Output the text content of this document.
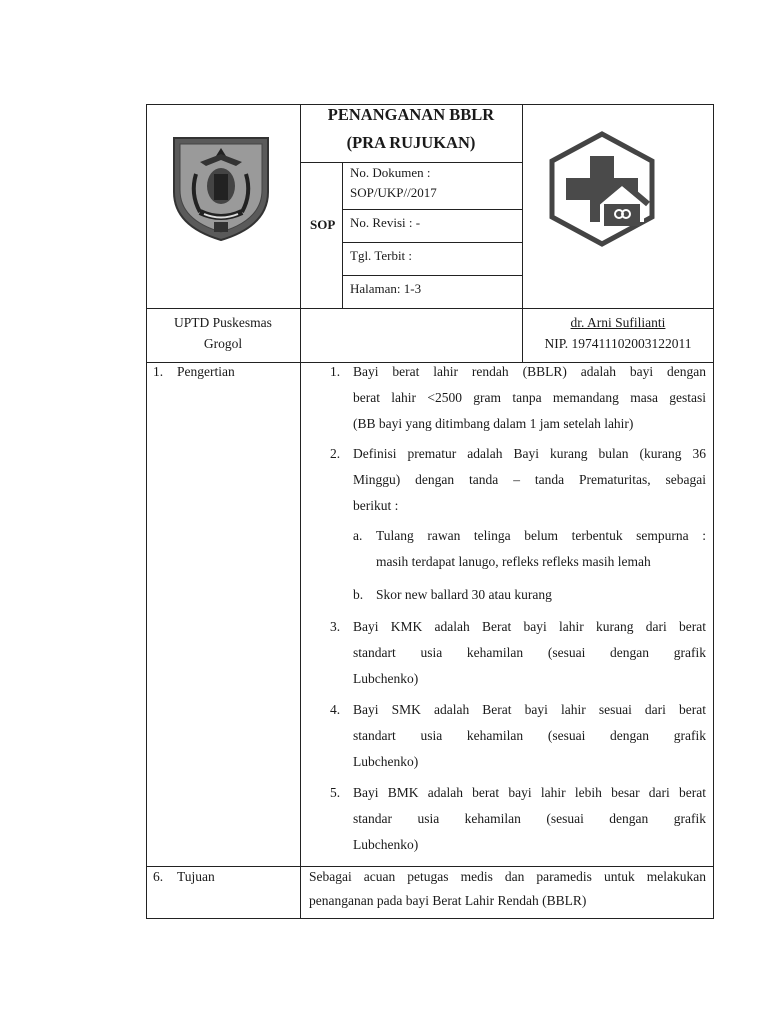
PENANGANAN BBLR
(PRA RUJUKAN)
SOP
No. Dokumen :
SOP/UKP//2017
No. Revisi : -
Tgl. Terbit :
Halaman: 1-3
UPTD Puskesmas
Grogol
dr. Arni Sufilianti
NIP. 197411102003122011
1. Pengertian	1. Bayi berat lahir rendah (BBLR) adalah bayi dengan
berat lahir <2500 gram tanpa memandang masa gestasi
(BB bayi yang ditimbang dalam 1 jam setelah lahir)
2. Definisi prematur adalah Bayi kurang bulan (kurang 36
Minggu) dengan tanda – tanda Prematuritas, sebagai
berikut :
3. Bayi KMK adalah Berat bayi lahir kurang dari berat
standart usia kehamilan (sesuai dengan grafik
Lubchenko)
4. Bayi SMK adalah Berat bayi lahir sesuai dari berat
standart usia kehamilan (sesuai dengan grafik
Lubchenko)
5. Bayi BMK adalah berat bayi lahir lebih besar dari berat
standar usia kehamilan (sesuai dengan grafik
Lubchenko)
a. Tulang rawan telinga belum terbentuk sempurna :
masih terdapat lanugo, refleks refleks masih lemah
b. Skor new ballard 30 atau kurang
6. Tujuan	Sebagai acuan petugas medis dan paramedis untuk melakukan
penanganan pada bayi Berat Lahir Rendah (BBLR)
